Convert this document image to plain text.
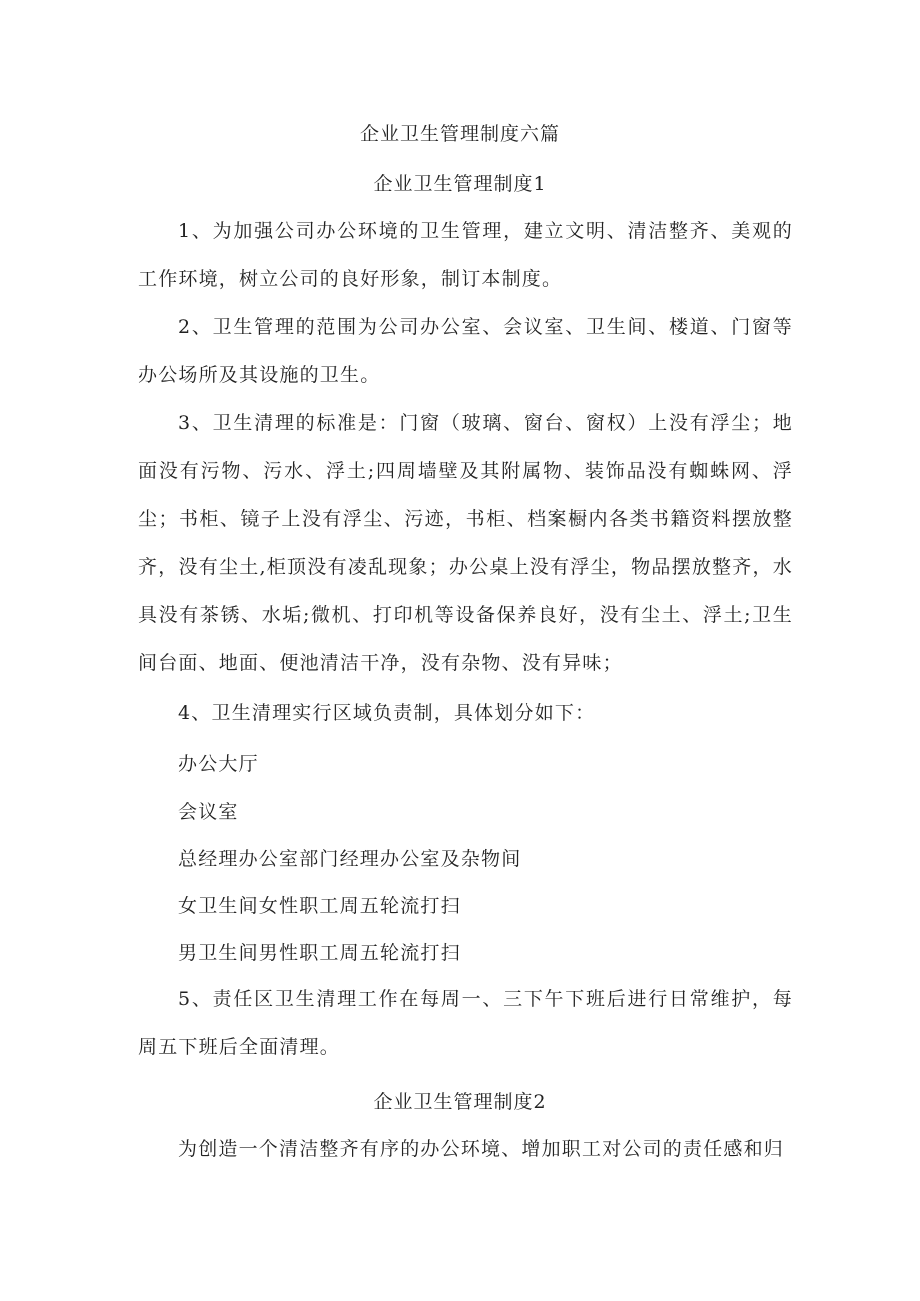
企业卫生管理制度六篇
企业卫生管理制度1

1、为加强公司办公环境的卫生管理，建立文明、清洁整齐、美观的工作环境，树立公司的良好形象，制订本制度。

2、卫生管理的范围为公司办公室、会议室、卫生间、楼道、门窗等办公场所及其设施的卫生。

3、卫生清理的标准是：门窗（玻璃、窗台、窗权）上没有浮尘；地面没有污物、污水、浮土;四周墙壁及其附属物、装饰品没有蜘蛛网、浮尘；书柜、镜子上没有浮尘、污迹，书柜、档案橱内各类书籍资料摆放整齐，没有尘土,柜顶没有凌乱现象；办公桌上没有浮尘，物品摆放整齐，水具没有茶锈、水垢;微机、打印机等设备保养良好，没有尘土、浮土;卫生间台面、地面、便池清洁干净，没有杂物、没有异味；

4、卫生清理实行区域负责制，具体划分如下：

办公大厅
会议室
总经理办公室部门经理办公室及杂物间
女卫生间女性职工周五轮流打扫
男卫生间男性职工周五轮流打扫

5、责任区卫生清理工作在每周一、三下午下班后进行日常维护，每周五下班后全面清理。

企业卫生管理制度2

为创造一个清洁整齐有序的办公环境、增加职工对公司的责任感和归
